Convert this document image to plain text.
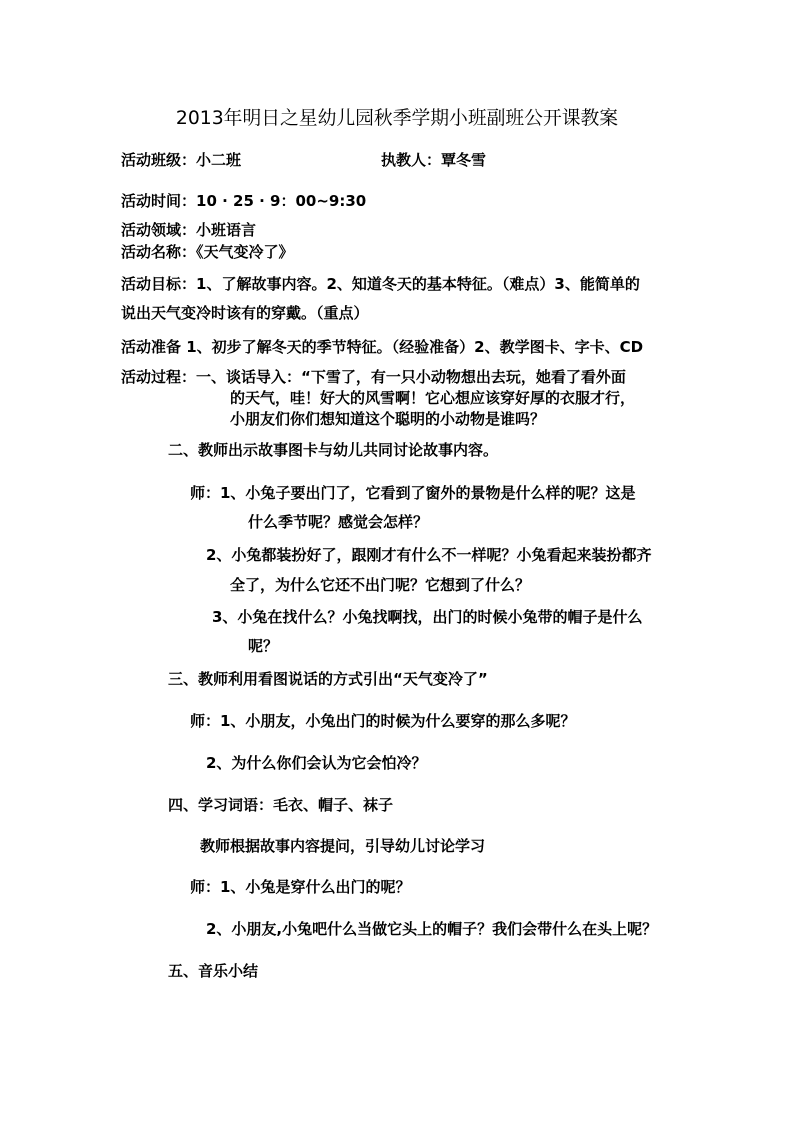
2013年明日之星幼儿园秋季学期小班副班公开课教案
活动班级：小二班	执教人：覃冬雪
活动时间：10 · 25 · 9：00~9:30
活动领域：小班语言
活动名称：《天气变冷了》
活动目标：1、了解故事内容。2、知道冬天的基本特征。（难点）3、能简单的
说出天气变冷时该有的穿戴。（重点）
活动准备 1、初步了解冬天的季节特征。（经验准备）2、教学图卡、字卡、CD
活动过程：一、谈话导入：“下雪了，有一只小动物想出去玩，她看了看外面
的天气，哇！好大的风雪啊！它心想应该穿好厚的衣服才行，
小朋友们你们想知道这个聪明的小动物是谁吗？
二、教师出示故事图卡与幼儿共同讨论故事内容。
师：1、小兔子要出门了，它看到了窗外的景物是什么样的呢？这是
什么季节呢？感觉会怎样？
2、小兔都装扮好了，跟刚才有什么不一样呢？小兔看起来装扮都齐
全了，为什么它还不出门呢？它想到了什么？
3、小兔在找什么？小兔找啊找，出门的时候小兔带的帽子是什么
呢？
三、教师利用看图说话的方式引出“天气变冷了”
师：1、小朋友，小兔出门的时候为什么要穿的那么多呢？
2、为什么你们会认为它会怕冷？
四、学习词语：毛衣、帽子、袜子
教师根据故事内容提问，引导幼儿讨论学习
师：1、小兔是穿什么出门的呢？
2、小朋友,小兔吧什么当做它头上的帽子？我们会带什么在头上呢？
五、音乐小结
